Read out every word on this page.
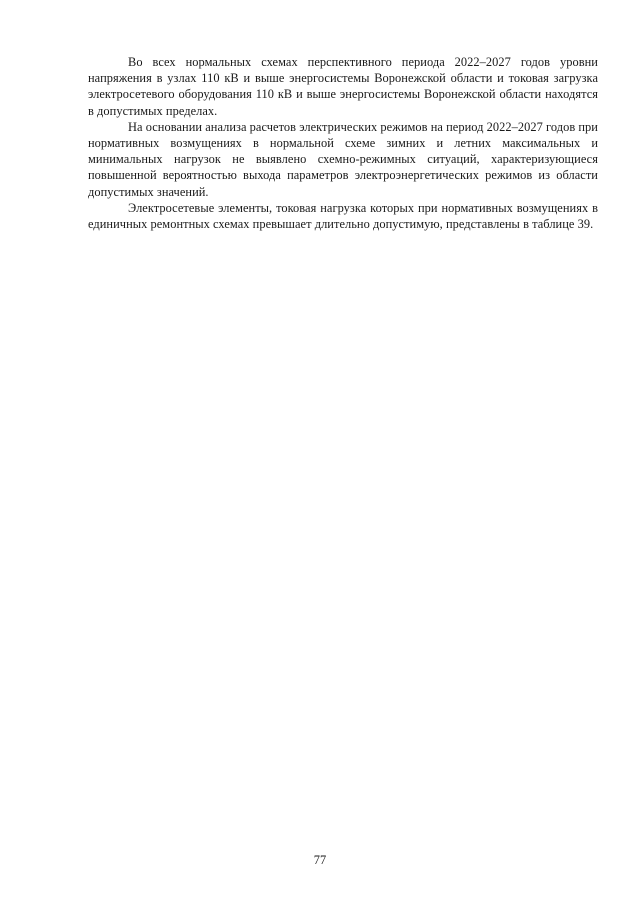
Во всех нормальных схемах перспективного периода 2022–2027 годов уровни напряжения в узлах 110 кВ и выше энергосистемы Воронежской области и токовая загрузка электросетевого оборудования 110 кВ и выше энергосистемы Воронежской области находятся в допустимых пределах.

На основании анализа расчетов электрических режимов на период 2022–2027 годов при нормативных возмущениях в нормальной схеме зимних и летних максимальных и минимальных нагрузок не выявлено схемно-режимных ситуаций, характеризующиеся повышенной вероятностью выхода параметров электроэнергетических режимов из области допустимых значений.

Электросетевые элементы, токовая нагрузка которых при нормативных возмущениях в единичных ремонтных схемах превышает длительно допустимую, представлены в таблице 39.

77
